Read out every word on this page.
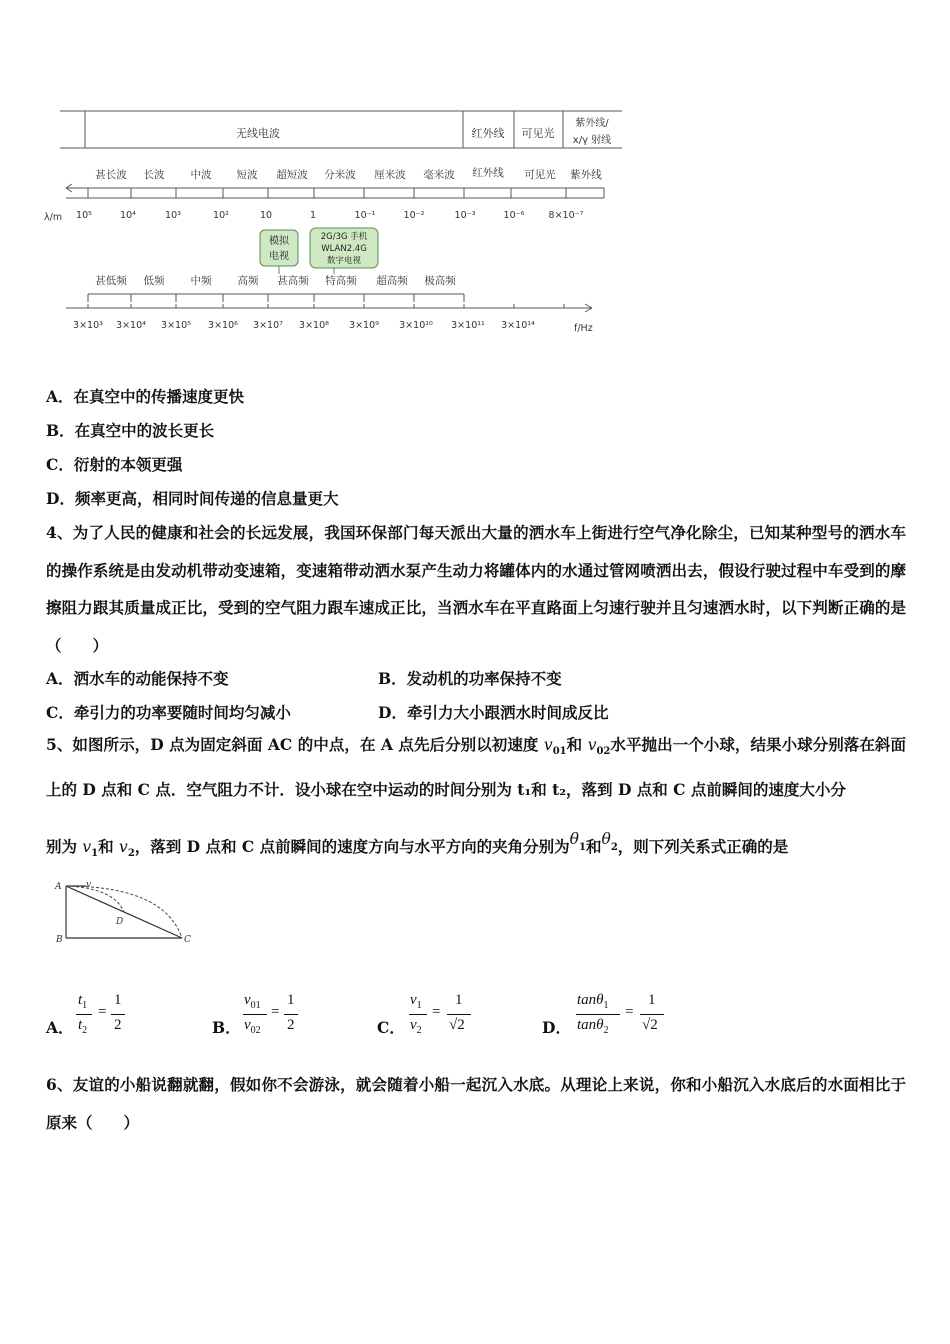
无线电波	红外线 可见光
紫外线/
x/γ 射线
甚长波 长波 中波 短波 超短波 分米波 厘米波 毫米波 红外线 可见光 紫外线
λ/m 10⁵	10⁴	10³	10²	10	1	10⁻¹	10⁻²	10⁻³	10⁻⁶	8×10⁻⁷
模拟
电视
2G/3G 手机
WLAN2.4G
数字电视
甚低频 低频 中频 高频 甚高频 特高频 超高频 极高频
3×10³ 3×10⁴ 3×10⁵ 3×10⁶ 3×10⁷ 3×10⁸ 3×10⁹ 3×10¹⁰ 3×10¹¹ 3×10¹⁴	f/Hz
A．在真空中的传播速度更快
B．在真空中的波长更长
C．衍射的本领更强
D．频率更高，相同时间传递的信息量更大
4、为了人民的健康和社会的长远发展，我国环保部门每天派出大量的洒水车上街进行空气净化除尘，已知某种型号的洒水车的操作系统是由发动机带动变速箱，变速箱带动洒水泵产生动力将罐体内的水通过管网喷洒出去，假设行驶过程中车受到的摩擦阻力跟其质量成正比，受到的空气阻力跟车速成正比，当洒水车在平直路面上匀速行驶并且匀速洒水时，以下判断正确的是（　　）
A．洒水车的动能保持不变	B．发动机的功率保持不变
C．牵引力的功率要随时间均匀减小	D．牵引力大小跟洒水时间成反比
5、如图所示，D 点为固定斜面 AC 的中点，在 A 点先后分别以初速度 $v_{01}$和 $v_{02}$水平抛出一个小球，结果小球分别落在斜面上的 D 点和 C 点．空气阻力不计．设小球在空中运动的时间分别为 t₁和 t₂，落到 D 点和 C 点前瞬间的速度大小分
别为 $v_1$和 $v_2$，落到 D 点和 C 点前瞬间的速度方向与水平方向的夹角分别为$\theta_1$和$\theta_2$，则下列关系式正确的是
A	v
B
D
C
A．
$t_1$
$t_2$
=
1
2	B．
$v_{01}$
$v_{02}$
=
1
2	C．
$v_1$
$v_2$
=
1
√2	D．
tanθ$_1$
tanθ$_2$
=
1
√2
6、友谊的小船说翻就翻，假如你不会游泳，就会随着小船一起沉入水底。从理论上来说，你和小船沉入水底后的水面相比于原来（　　）
